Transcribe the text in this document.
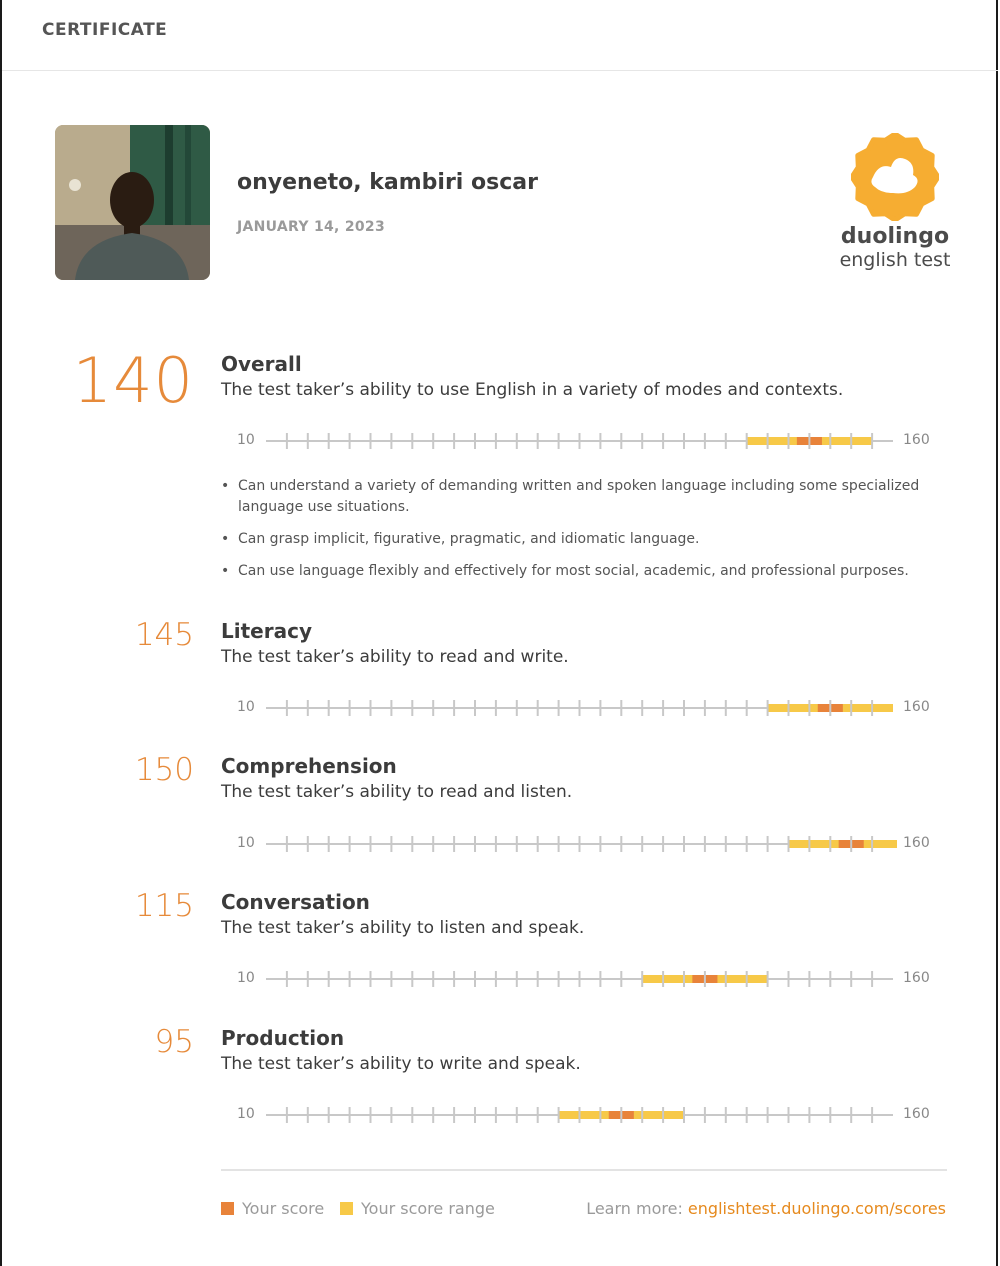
CERTIFICATE
onyeneto, kambiri oscar
JANUARY 14, 2023	duolingo
english test
140 Overall
The test taker’s ability to use English in a variety of modes and contexts.
10	160
• Can understand a variety of demanding written and spoken language including some specialized language use situations.
• Can grasp implicit, figurative, pragmatic, and idiomatic language.
• Can use language flexibly and effectively for most social, academic, and professional purposes.
145 Literacy
The test taker’s ability to read and write.
10	160
150 Comprehension
The test taker’s ability to read and listen.
10	160
115 Conversation
The test taker’s ability to listen and speak.
10	160
95 Production
The test taker’s ability to write and speak.
10	160
Your score	Your score range	Learn more: englishtest.duolingo.com/scores
